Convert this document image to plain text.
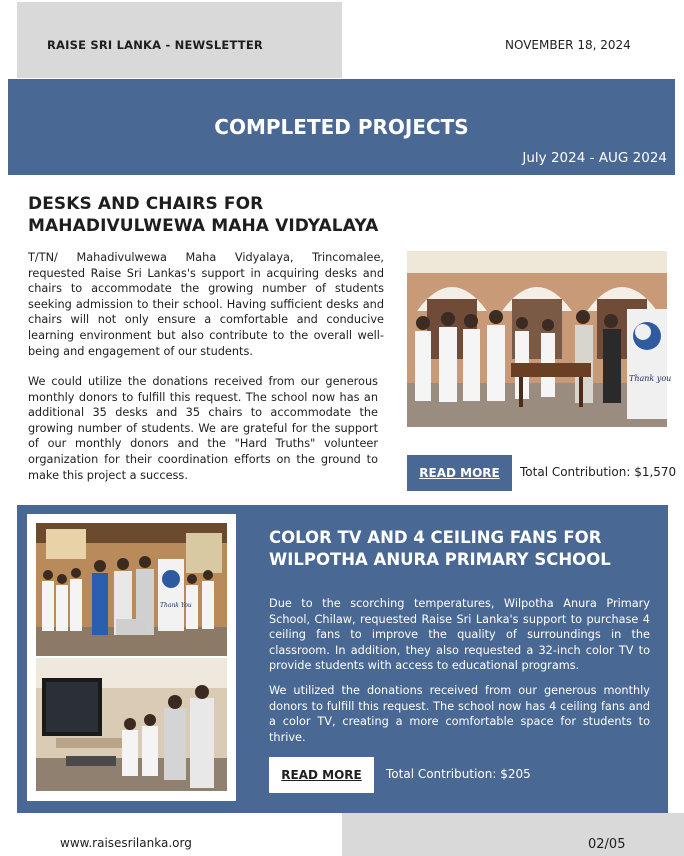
RAISE SRI LANKA - NEWSLETTER	NOVEMBER 18, 2024
COMPLETED PROJECTS
July 2024 - AUG 2024
DESKS AND CHAIRS FOR MAHADIVULWEWA MAHA VIDYALAYA
T/TN/ Mahadivulwewa Maha Vidyalaya, Trincomalee, requested Raise Sri Lankas's support in acquiring desks and chairs to accommodate the growing number of students seeking admission to their school. Having sufficient desks and chairs will not only ensure a comfortable and conducive learning environment but also contribute to the overall well-being and engagement of our students.
We could utilize the donations received from our generous monthly donors to fulfill this request. The school now has an additional 35 desks and 35 chairs to accommodate the growing number of students. We are grateful for the support of our monthly donors and the "Hard Truths" volunteer organization for their coordination efforts on the ground to make this project a success.
Thank you
READ MORE	Total Contribution: $1,570
Thank You
COLOR TV AND 4 CEILING FANS FOR WILPOTHA ANURA PRIMARY SCHOOL
Due to the scorching temperatures, Wilpotha Anura Primary School, Chilaw, requested Raise Sri Lanka's support to purchase 4 ceiling fans to improve the quality of surroundings in the classroom. In addition, they also requested a 32-inch color TV to provide students with access to educational programs.
We utilized the donations received from our generous monthly donors to fulfill this request. The school now has 4 ceiling fans and a color TV, creating a more comfortable space for students to thrive.
READ MORE	Total Contribution: $205
www.raisesrilanka.org	02/05
